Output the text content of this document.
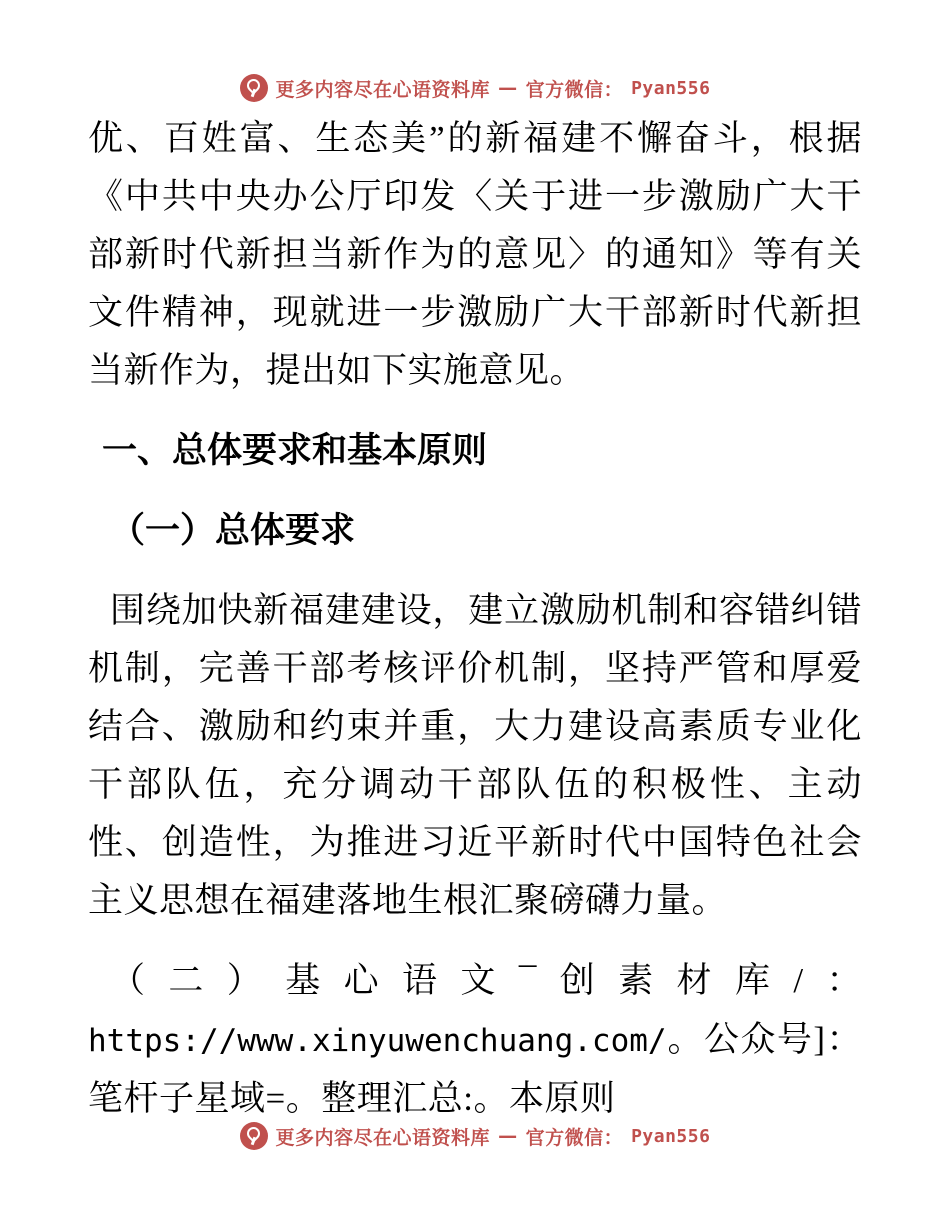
更多内容尽在心语资料库 — 官方微信： Pyan556

优、百姓富、生态美”的新福建不懈奋斗，根据《中共中央办公厅印发〈关于进一步激励广大干部新时代新担当新作为的意见〉的通知》等有关文件精神，现就进一步激励广大干部新时代新担当新作为，提出如下实施意见。

一、总体要求和基本原则

（一）总体要求

围绕加快新福建建设，建立激励机制和容错纠错机制，完善干部考核评价机制，坚持严管和厚爱结合、激励和约束并重，大力建设高素质专业化干部队伍，充分调动干部队伍的积极性、主动性、创造性，为推进习近平新时代中国特色社会主义思想在福建落地生根汇聚磅礴力量。

（二）基心语文¯创素材库/： https://www.xinyuwenchuang.com/。公众号]：笔杆子星域=。整理汇总:。本原则

更多内容尽在心语资料库 — 官方微信： Pyan556
